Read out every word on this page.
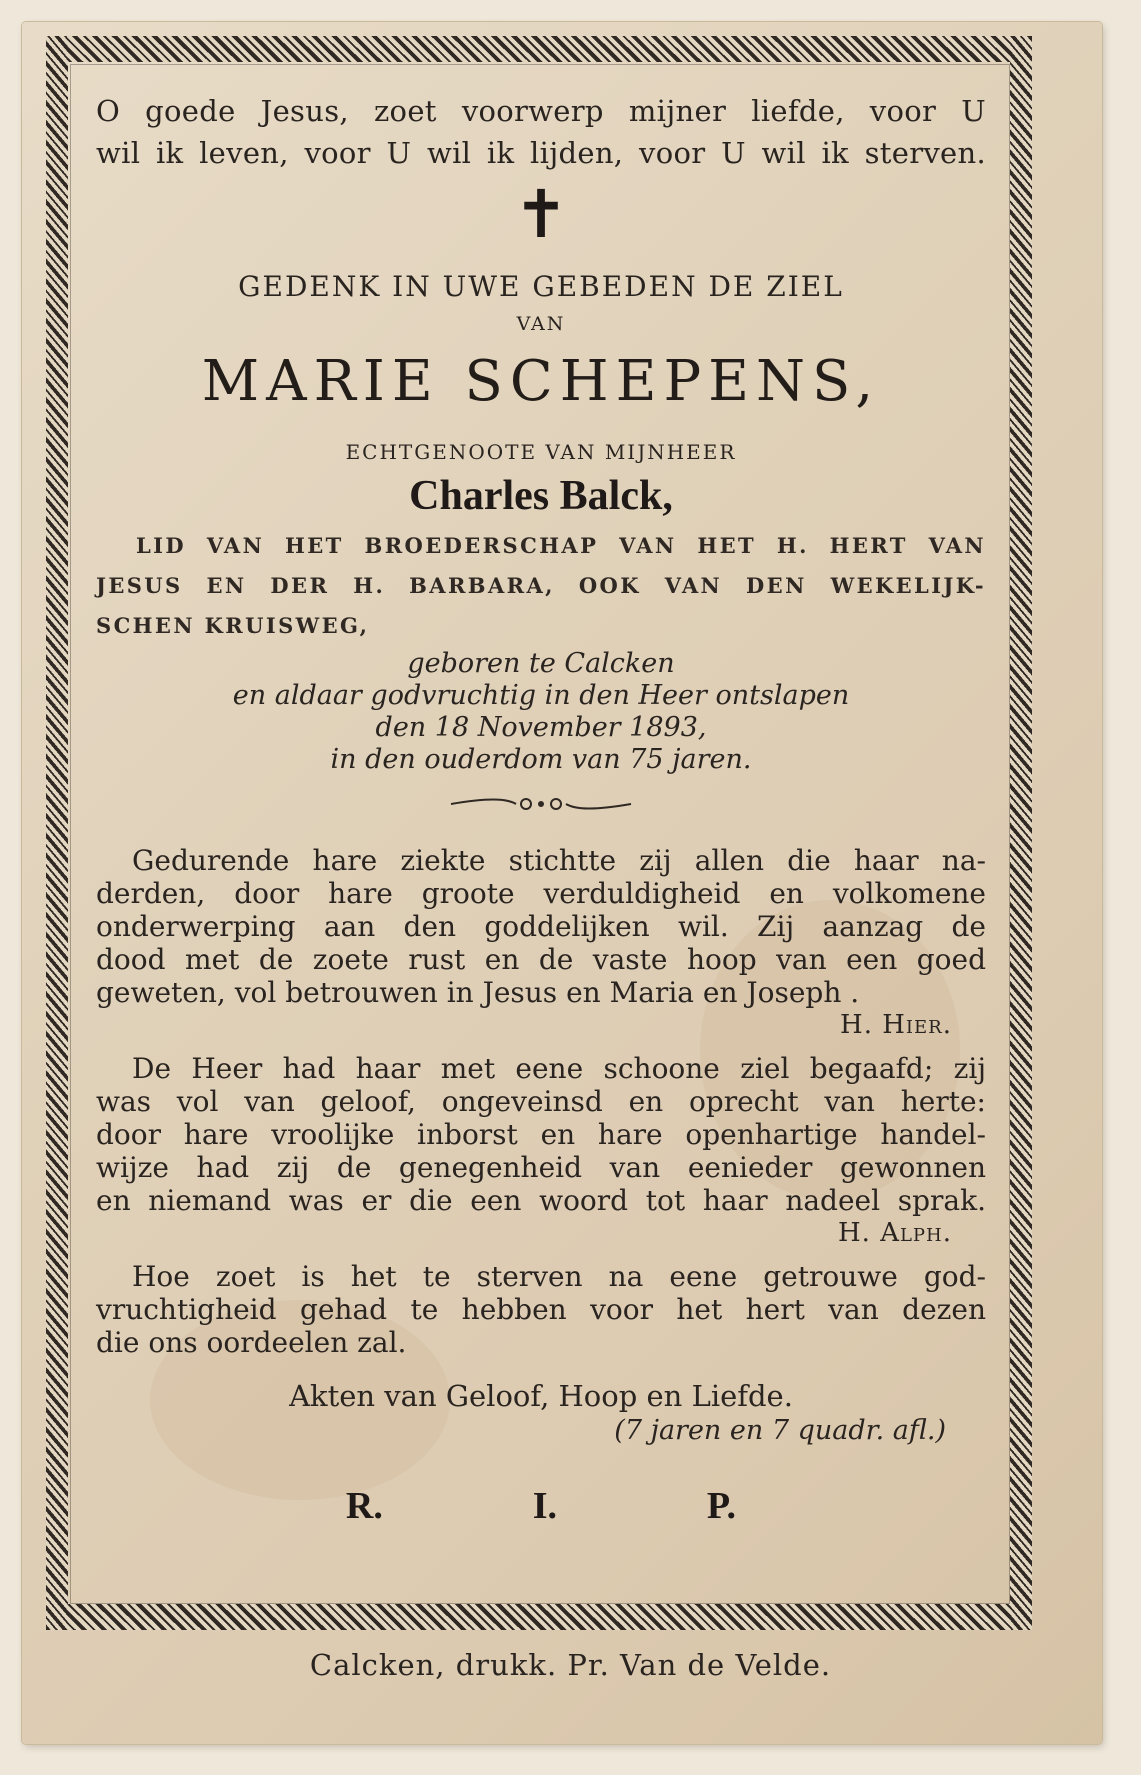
O goede Jesus, zoet voorwerp mijner liefde, voor U

wil ik leven, voor U wil ik lijden, voor U wil ik sterven.

✝
GEDENK IN UWE GEBEDEN DE ZIEL
VAN
MARIE SCHEPENS,
ECHTGENOOTE VAN MIJNHEER
Charles Balck,

LID VAN HET BROEDERSCHAP VAN HET H. HERT VAN

JESUS EN DER H. BARBARA, OOK VAN DEN WEKELIJK-

SCHEN KRUISWEG,

geboren te Calcken

en aldaar godvruchtig in den Heer ontslapen

den 18 November 1893,

in den ouderdom van 75 jaren.

Gedurende hare ziekte stichtte zij allen die haar na-

derden, door hare groote verduldigheid en volkomene

onderwerping aan den goddelijken wil. Zij aanzag de

dood met de zoete rust en de vaste hoop van een goed

geweten, vol betrouwen in Jesus en Maria en Joseph .

H. Hier.

De Heer had haar met eene schoone ziel begaafd; zij

was vol van geloof, ongeveinsd en oprecht van herte:

door hare vroolijke inborst en hare openhartige handel-

wijze had zij de genegenheid van eenieder gewonnen

en niemand was er die een woord tot haar nadeel sprak.

H. Alph.

Hoe zoet is het te sterven na eene getrouwe god-

vruchtigheid gehad te hebben voor het hert van dezen

die ons oordeelen zal.

Akten van Geloof, Hoop en Liefde.
(7 jaren en 7 quadr. afl.)
R.	I.	P.
Calcken, drukk. Pr. Van de Velde.
